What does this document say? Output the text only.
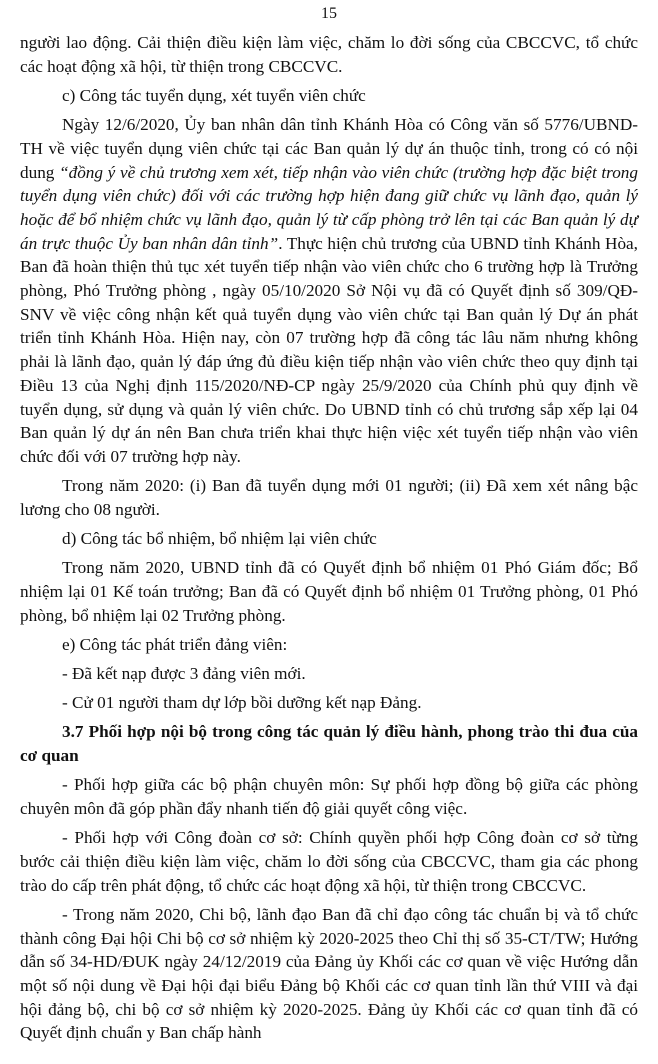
15

người lao động. Cải thiện điều kiện làm việc, chăm lo đời sống của CBCCVC, tổ chức các hoạt động xã hội, từ thiện trong CBCCVC.

c) Công tác tuyển dụng, xét tuyển viên chức

Ngày 12/6/2020, Ủy ban nhân dân tỉnh Khánh Hòa có Công văn số 5776/UBND-TH về việc tuyển dụng viên chức tại các Ban quản lý dự án thuộc tỉnh, trong có có nội dung “đồng ý về chủ trương xem xét, tiếp nhận vào viên chức (trường hợp đặc biệt trong tuyển dụng viên chức) đối với các trường hợp hiện đang giữ chức vụ lãnh đạo, quản lý hoặc để bổ nhiệm chức vụ lãnh đạo, quản lý từ cấp phòng trở lên tại các Ban quản lý dự án trực thuộc Ủy ban nhân dân tỉnh”. Thực hiện chủ trương của UBND tỉnh Khánh Hòa, Ban đã hoàn thiện thủ tục xét tuyển tiếp nhận vào viên chức cho 6 trường hợp là Trưởng phòng, Phó Trưởng phòng , ngày 05/10/2020 Sở Nội vụ đã có Quyết định số 309/QĐ-SNV về việc công nhận kết quả tuyển dụng vào viên chức tại Ban quản lý Dự án phát triển tỉnh Khánh Hòa. Hiện nay, còn 07 trường hợp đã công tác lâu năm nhưng không phải là lãnh đạo, quản lý đáp ứng đủ điều kiện tiếp nhận vào viên chức theo quy định tại Điều 13 của Nghị định 115/2020/NĐ-CP ngày 25/9/2020 của Chính phủ quy định về tuyển dụng, sử dụng và quản lý viên chức. Do UBND tỉnh có chủ trương sắp xếp lại 04 Ban quản lý dự án nên Ban chưa triển khai thực hiện việc xét tuyển tiếp nhận vào viên chức đối với 07 trường hợp này.

Trong năm 2020: (i) Ban đã tuyển dụng mới 01 người; (ii) Đã xem xét nâng bậc lương cho 08 người.

d) Công tác bổ nhiệm, bổ nhiệm lại viên chức

Trong năm 2020, UBND tỉnh đã có Quyết định bổ nhiệm 01 Phó Giám đốc; Bổ nhiệm lại 01 Kế toán trưởng; Ban đã có Quyết định bổ nhiệm 01 Trưởng phòng, 01 Phó phòng, bổ nhiệm lại 02 Trưởng phòng.

e) Công tác phát triển đảng viên:

- Đã kết nạp được 3 đảng viên mới.

- Cử 01 người tham dự lớp bồi dưỡng kết nạp Đảng.

3.7 Phối hợp nội bộ trong công tác quản lý điều hành, phong trào thi đua của cơ quan

- Phối hợp giữa các bộ phận chuyên môn: Sự phối hợp đồng bộ giữa các phòng chuyên môn đã góp phần đẩy nhanh tiến độ giải quyết công việc.

- Phối hợp với Công đoàn cơ sở: Chính quyền phối hợp Công đoàn cơ sở từng bước cải thiện điều kiện làm việc, chăm lo đời sống của CBCCVC, tham gia các phong trào do cấp trên phát động, tổ chức các hoạt động xã hội, từ thiện trong CBCCVC.

- Trong năm 2020, Chi bộ, lãnh đạo Ban đã chỉ đạo công tác chuẩn bị và tổ chức thành công Đại hội Chi bộ cơ sở nhiệm kỳ 2020-2025 theo Chỉ thị số 35-CT/TW; Hướng dẫn số 34-HD/ĐUK ngày 24/12/2019 của Đảng ủy Khối các cơ quan về việc Hướng dẫn một số nội dung về Đại hội đại biểu Đảng bộ Khối các cơ quan tỉnh lần thứ VIII và đại hội đảng bộ, chi bộ cơ sở nhiệm kỳ 2020-2025. Đảng ủy Khối các cơ quan tỉnh đã có Quyết định chuẩn y Ban chấp hành
